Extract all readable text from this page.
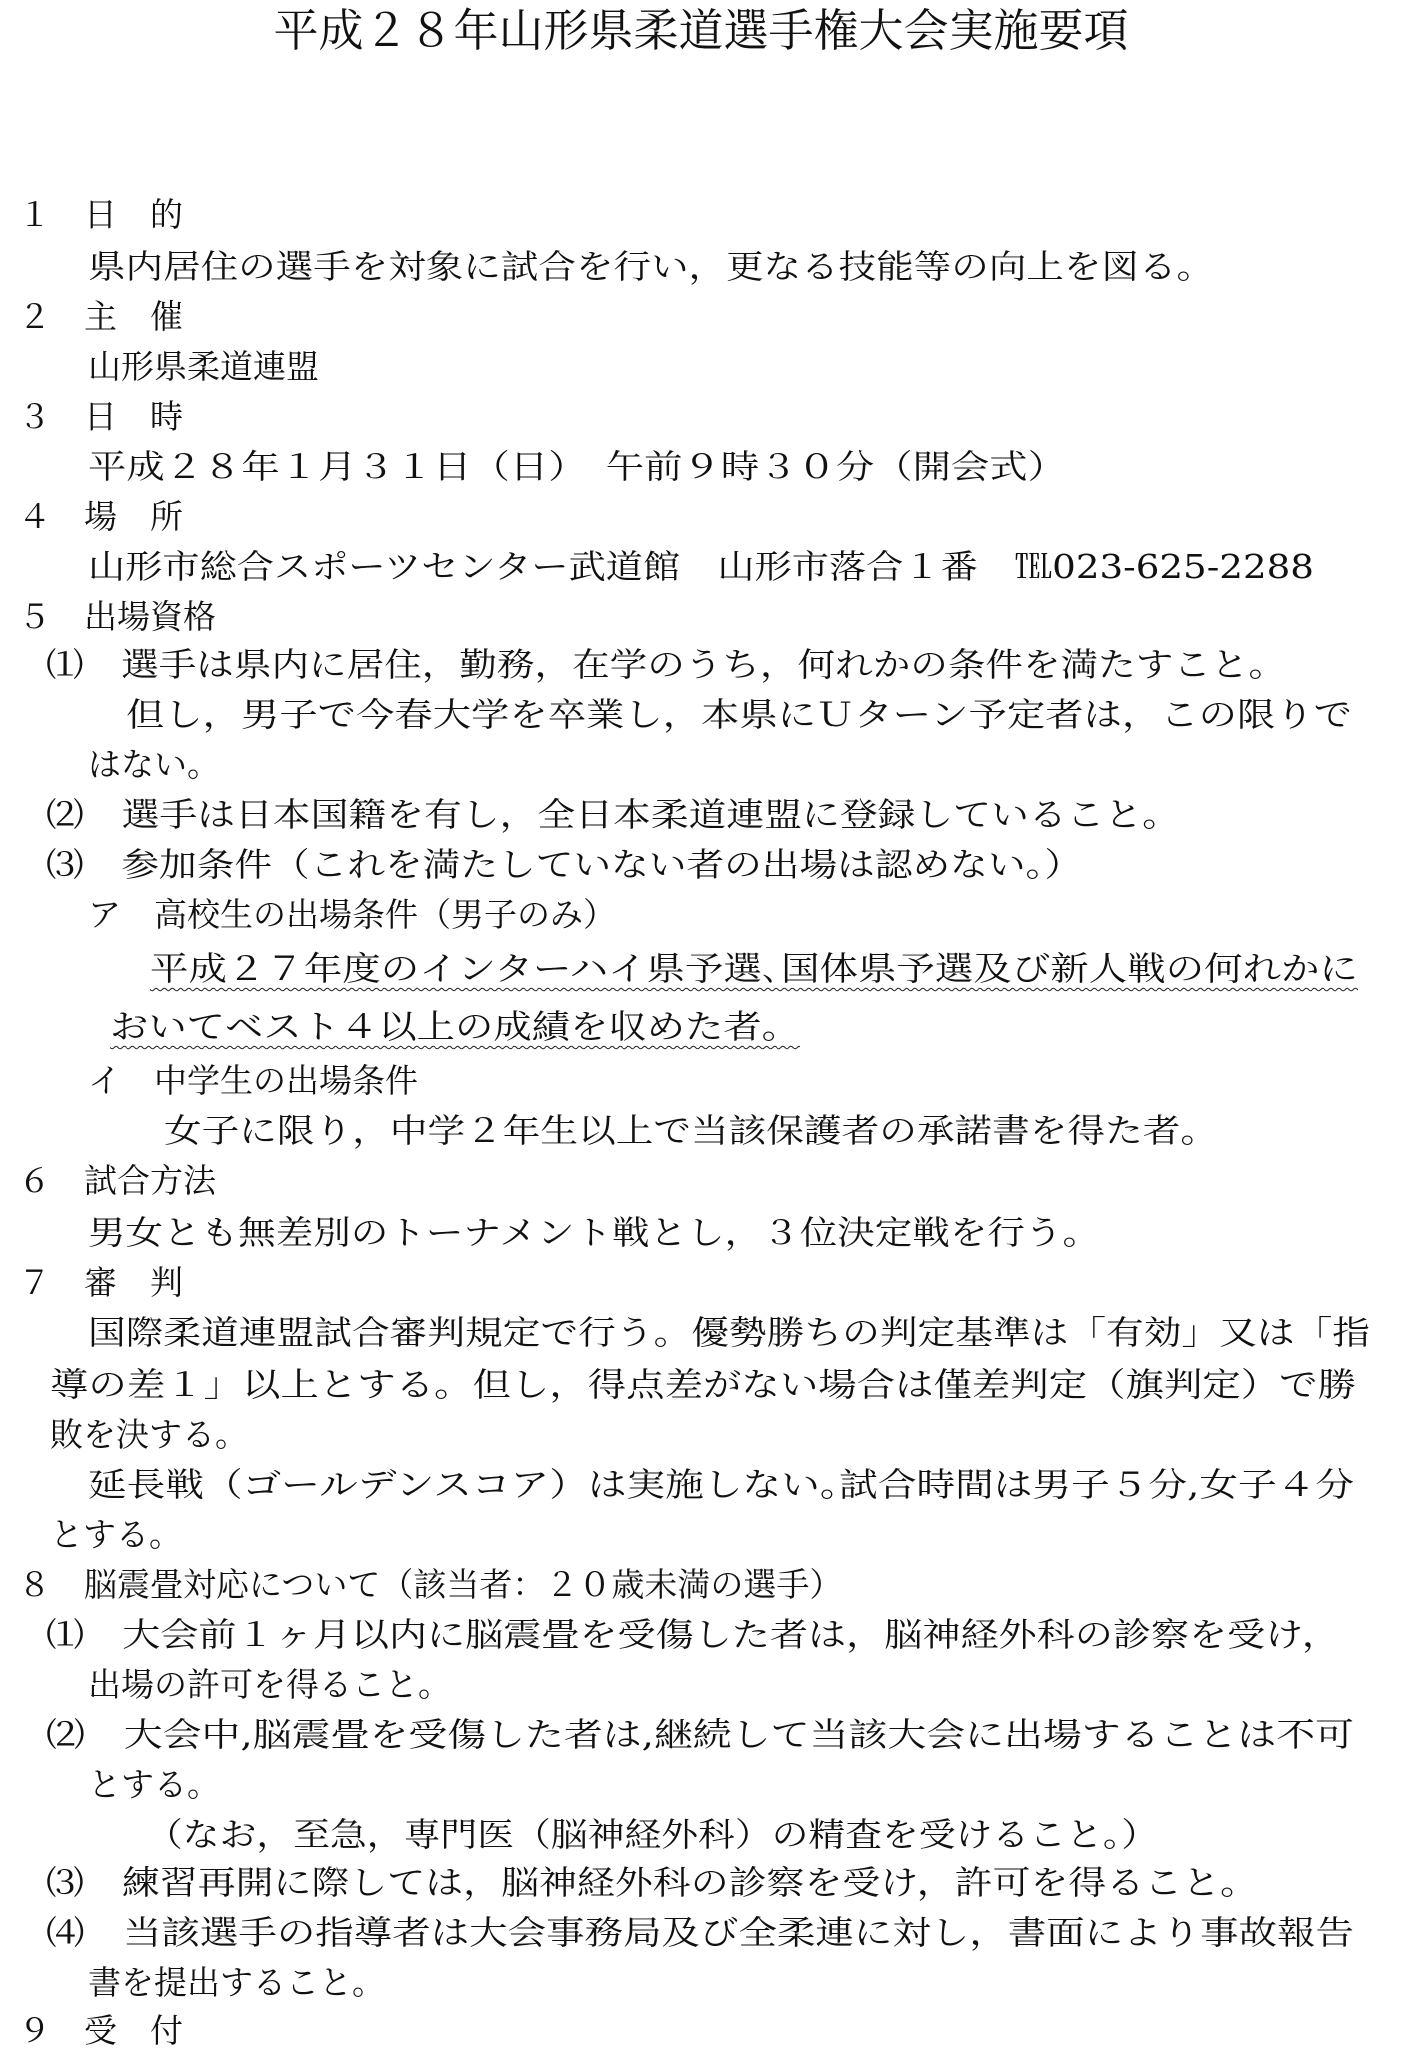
平成２８年山形県柔道選手権大会実施要項
１　日　的
県内居住の選手を対象に試合を行い，更なる技能等の向上を図る。
２　主　催
山形県柔道連盟
３　日　時
平成２８年１月３１日（日）　午前９時３０分（開会式）
４　場　所
山形市総合スポーツセンター武道館　山形市落合１番　℡023-625-2288
５　出場資格
⑴　選手は県内に居住，勤務，在学のうち，何れかの条件を満たすこと。
但し，男子で今春大学を卒業し，本県にＵターン予定者は，この限りで
はない。
⑵　選手は日本国籍を有し，全日本柔道連盟に登録していること。
⑶　参加条件（これを満たしていない者の出場は認めない。）
ア　高校生の出場条件（男子のみ）
平成２７年度のインターハイ県予選､国体県予選及び新人戦の何れかに
おいてベスト４以上の成績を収めた者。
イ　中学生の出場条件
女子に限り，中学２年生以上で当該保護者の承諾書を得た者。
６　試合方法
男女とも無差別のトーナメント戦とし，３位決定戦を行う。
７　審　判
国際柔道連盟試合審判規定で行う。優勢勝ちの判定基準は「有効」又は「指
導の差１」以上とする。但し，得点差がない場合は僅差判定（旗判定）で勝
敗を決する。
延長戦（ゴールデンスコア）は実施しない｡試合時間は男子５分,女子４分
とする。
８　脳震畳対応について（該当者：２０歳未満の選手）
⑴　大会前１ヶ月以内に脳震畳を受傷した者は，脳神経外科の診察を受け，
出場の許可を得ること。
⑵　大会中,脳震畳を受傷した者は,継続して当該大会に出場することは不可
とする。
（なお，至急，専門医（脳神経外科）の精査を受けること。）
⑶　練習再開に際しては，脳神経外科の診察を受け，許可を得ること。
⑷　当該選手の指導者は大会事務局及び全柔連に対し，書面により事故報告
書を提出すること。
９　受　付
